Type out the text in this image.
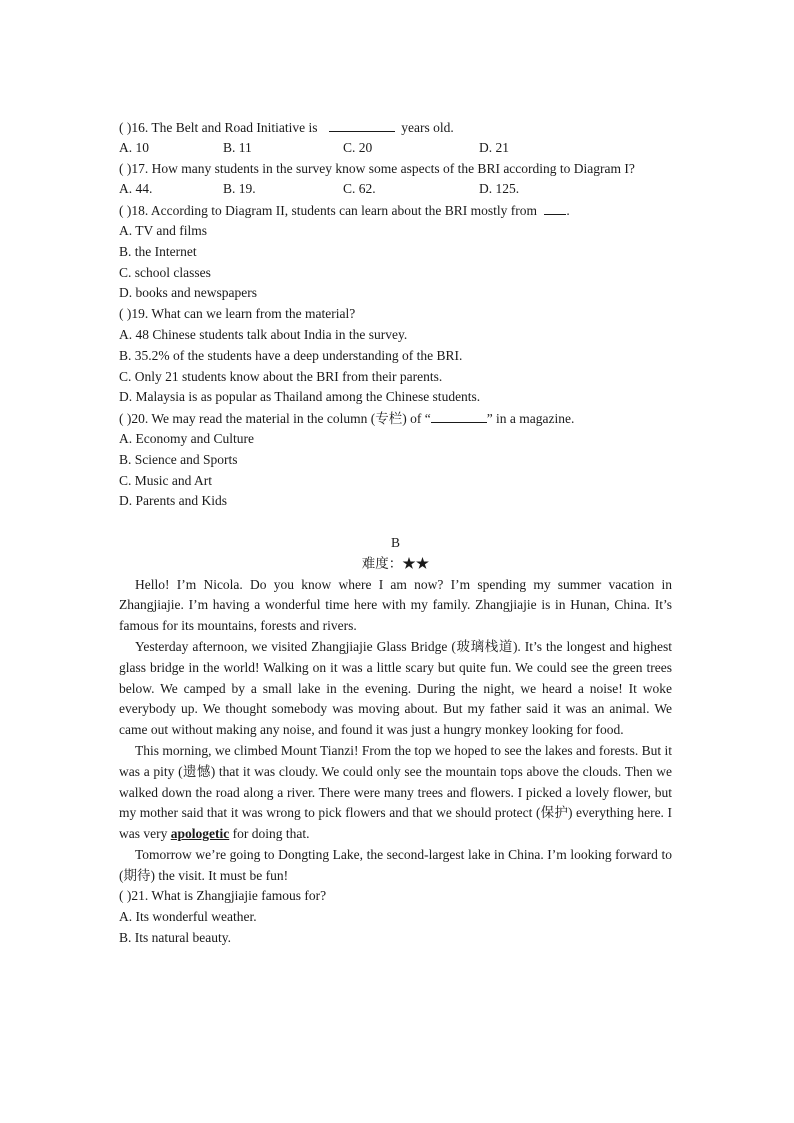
( )16. The Belt and Road Initiative is	years old.
A. 10	B. 11	C. 20	D. 21
( )17. How many students in the survey know some aspects of the BRI according to Diagram I?
A. 44.	B. 19.	C. 62.	D. 125.
( )18. According to Diagram II, students can learn about the BRI mostly from .
A. TV and films
B. the Internet
C. school classes
D. books and newspapers
( )19. What can we learn from the material?
A. 48 Chinese students talk about India in the survey.
B. 35.2% of the students have a deep understanding of the BRI.
C. Only 21 students know about the BRI from their parents.
D. Malaysia is as popular as Thailand among the Chinese students.
( )20. We may read the material in the column (专栏) of “	” in a magazine.
A. Economy and Culture
B. Science and Sports
C. Music and Art
D. Parents and Kids
B
难度：★★
Hello! I’m Nicola. Do you know where I am now? I’m spending my summer vacation in Zhangjiajie. I’m having a wonderful time here with my family. Zhangjiajie is in Hunan, China. It’s famous for its mountains, forests and rivers.
Yesterday afternoon, we visited Zhangjiajie Glass Bridge (玻璃栈道). It’s the longest and highest glass bridge in the world! Walking on it was a little scary but quite fun. We could see the green trees below. We camped by a small lake in the evening. During the night, we heard a noise! It woke everybody up. We thought somebody was moving about. But my father said it was an animal. We came out without making any noise, and found it was just a hungry monkey looking for food.
This morning, we climbed Mount Tianzi! From the top we hoped to see the lakes and forests. But it was a pity (遗憾) that it was cloudy. We could only see the mountain tops above the clouds. Then we walked down the road along a river. There were many trees and flowers. I picked a lovely flower, but my mother said that it was wrong to pick flowers and that we should protect (保护) everything here. I was very apologetic for doing that.
Tomorrow we’re going to Dongting Lake, the second-largest lake in China. I’m looking forward to (期待) the visit. It must be fun!
( )21. What is Zhangjiajie famous for?
A. Its wonderful weather.
B. Its natural beauty.
